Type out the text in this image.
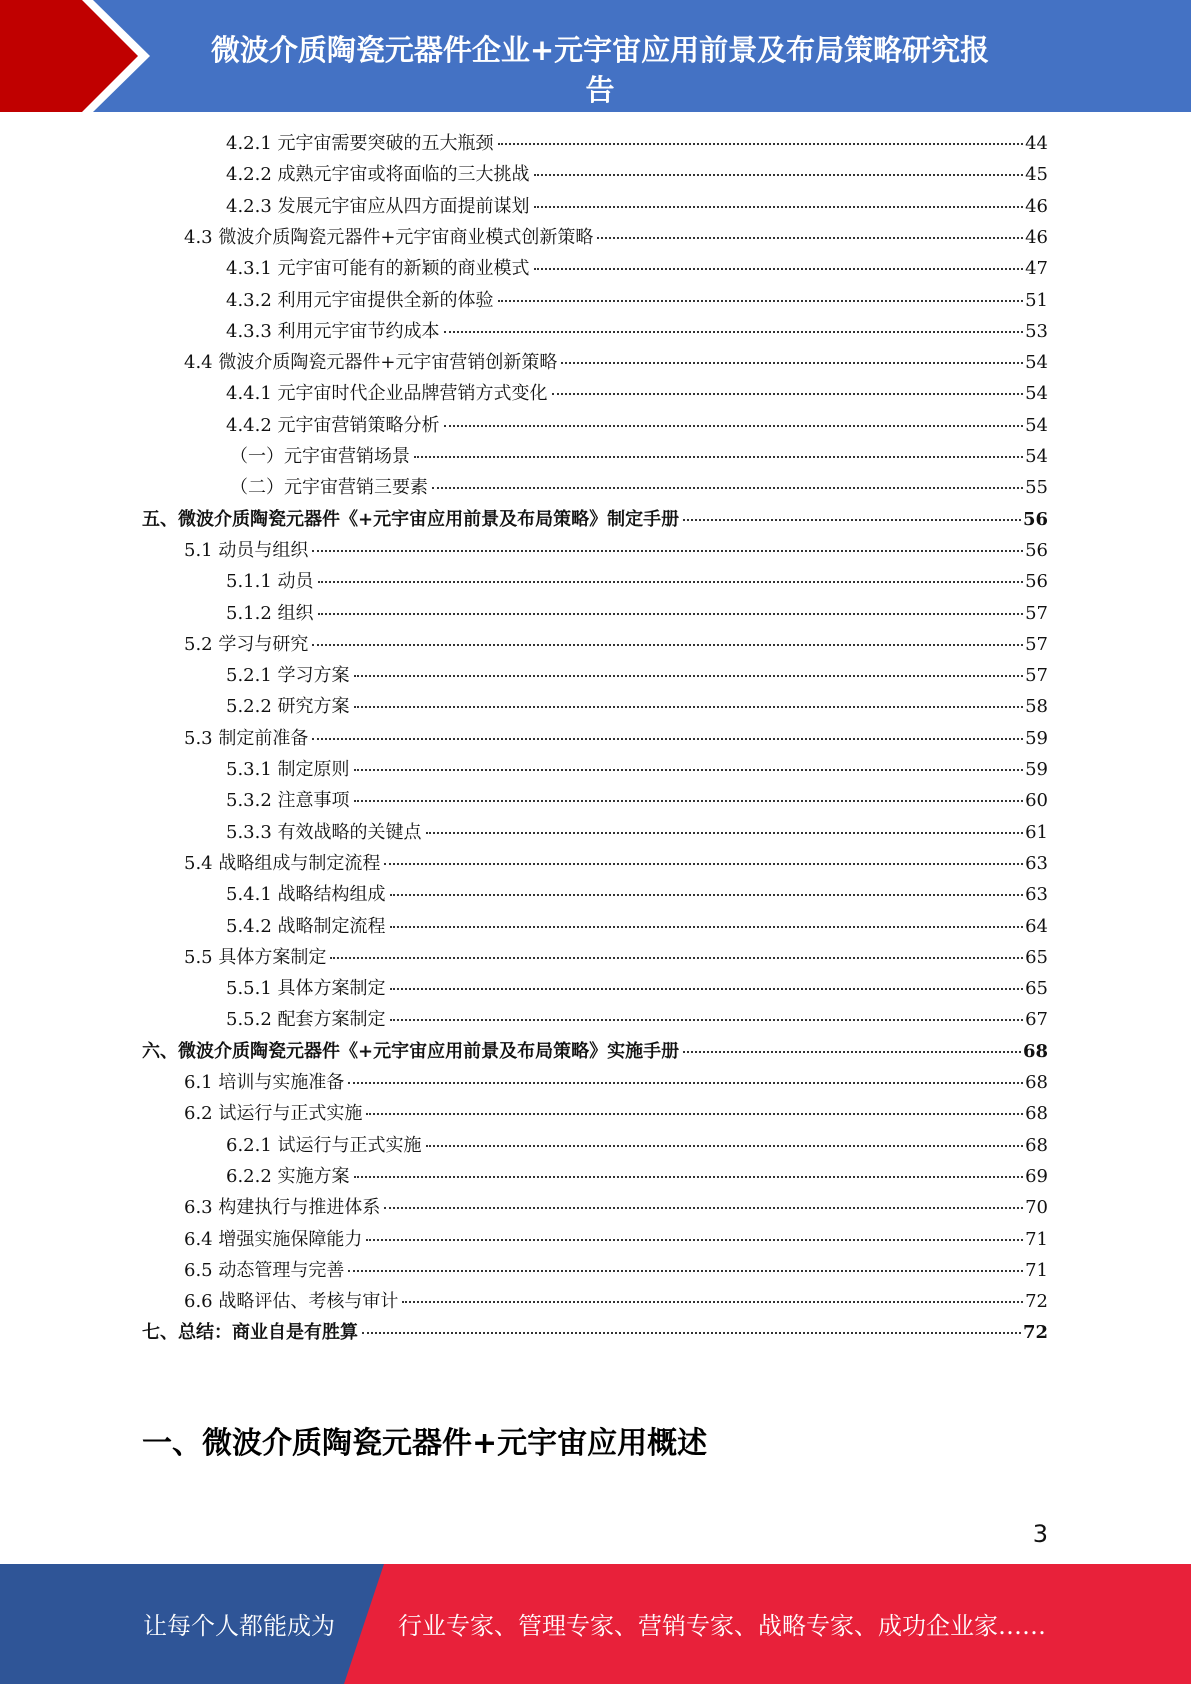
微波介质陶瓷元器件企业+元宇宙应用前景及布局策略研究报
告
4.2.1 元宇宙需要突破的五大瓶颈	44
4.2.2 成熟元宇宙或将面临的三大挑战	45
4.2.3 发展元宇宙应从四方面提前谋划	46
4.3 微波介质陶瓷元器件+元宇宙商业模式创新策略	46
4.3.1 元宇宙可能有的新颖的商业模式	47
4.3.2 利用元宇宙提供全新的体验	51
4.3.3 利用元宇宙节约成本	53
4.4 微波介质陶瓷元器件+元宇宙营销创新策略	54
4.4.1 元宇宙时代企业品牌营销方式变化	54
4.4.2 元宇宙营销策略分析	54
（一）元宇宙营销场景	54
（二）元宇宙营销三要素	55
五、微波介质陶瓷元器件《+元宇宙应用前景及布局策略》制定手册	56
5.1 动员与组织	56
5.1.1 动员	56
5.1.2 组织	57
5.2 学习与研究	57
5.2.1 学习方案	57
5.2.2 研究方案	58
5.3 制定前准备	59
5.3.1 制定原则	59
5.3.2 注意事项	60
5.3.3 有效战略的关键点	61
5.4 战略组成与制定流程	63
5.4.1 战略结构组成	63
5.4.2 战略制定流程	64
5.5 具体方案制定	65
5.5.1 具体方案制定	65
5.5.2 配套方案制定	67
六、微波介质陶瓷元器件《+元宇宙应用前景及布局策略》实施手册	68
6.1 培训与实施准备	68
6.2 试运行与正式实施	68
6.2.1 试运行与正式实施	68
6.2.2 实施方案	69
6.3 构建执行与推进体系	70
6.4 增强实施保障能力	71
6.5 动态管理与完善	71
6.6 战略评估、考核与审计	72
七、总结：商业自是有胜算	72
一、微波介质陶瓷元器件+元宇宙应用概述
3
让每个人都能成为	行业专家、管理专家、营销专家、战略专家、成功企业家……
